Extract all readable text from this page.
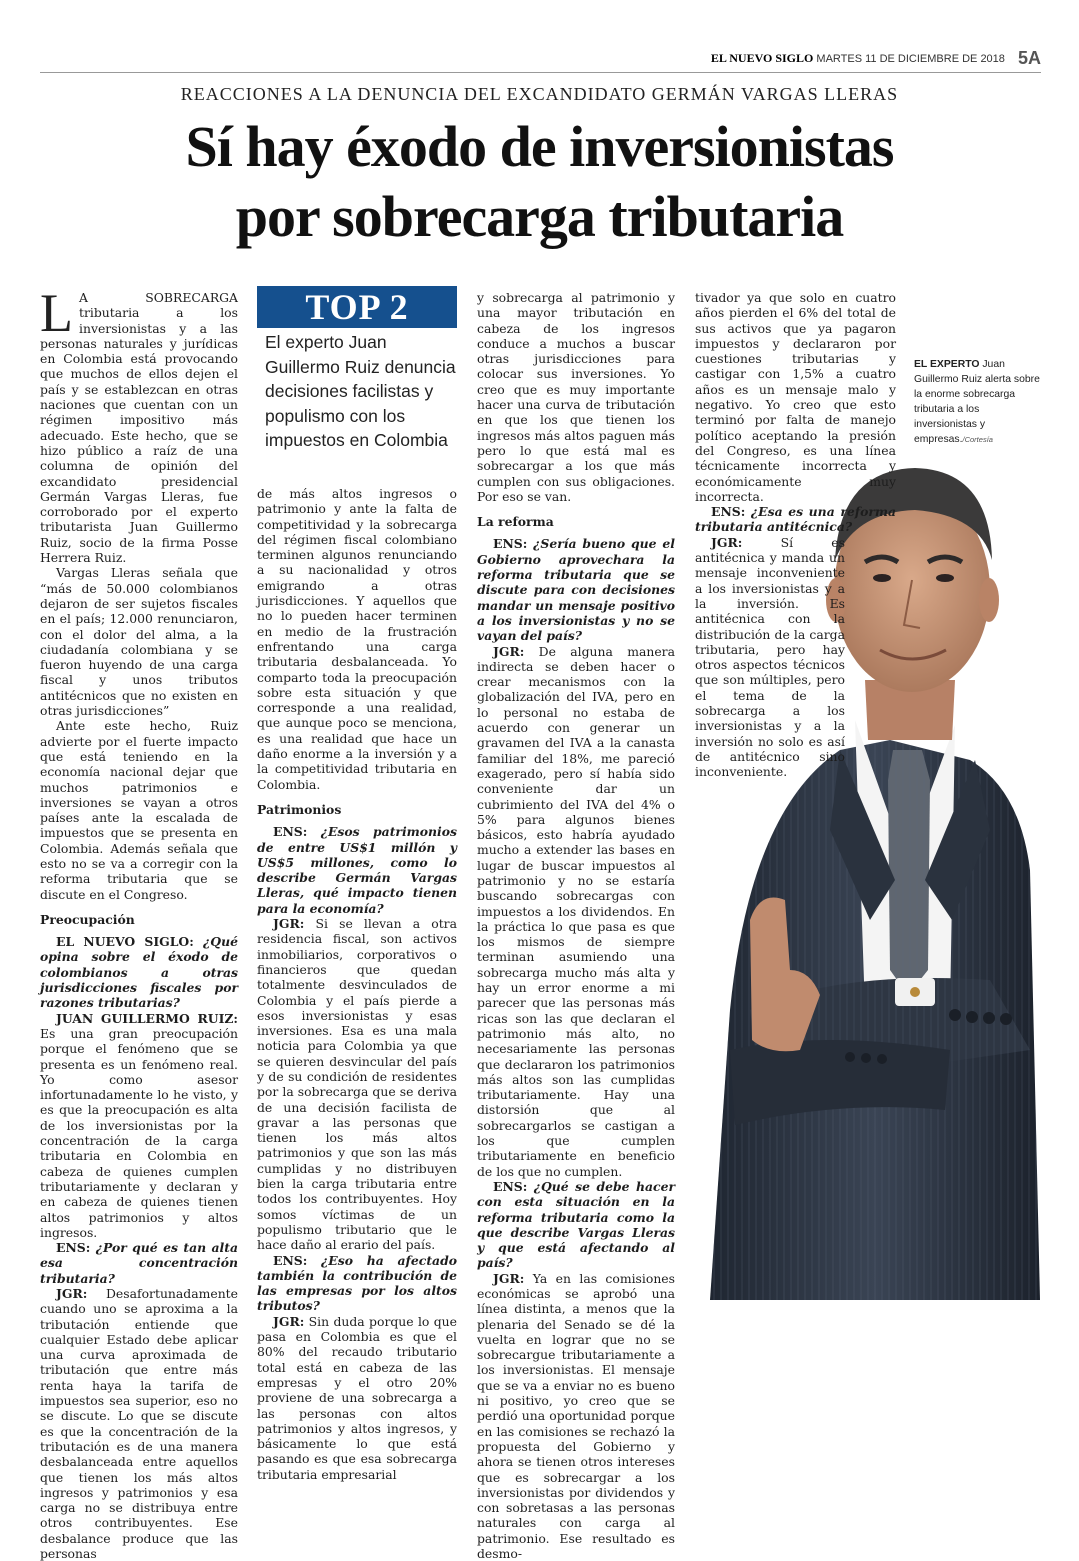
EL NUEVO SIGLO MARTES 11 DE DICIEMBRE DE 2018 5A
REACCIONES A LA DENUNCIA DEL EXCANDIDATO GERMÁN VARGAS LLERAS
Sí hay éxodo de inversionistas
por sobrecarga tributaria

L A SOBRECARGA tributaria a los inversionistas y a las personas naturales y jurídicas en Colombia está provocando que muchos de ellos dejen el país y se establezcan en otras naciones que cuentan con un régimen impositivo más adecuado. Este hecho, que se hizo público a raíz de una columna de opinión del excandidato presidencial Germán Vargas Lleras, fue corroborado por el experto tributarista Juan Guillermo Ruiz, socio de la firma Posse Herrera Ruiz.

Vargas Lleras señala que “más de 50.000 colombianos dejaron de ser sujetos fiscales en el país; 12.000 renunciaron, con el dolor del alma, a la ciudadanía colombiana y se fueron huyendo de una carga fiscal y unos tributos antitécnicos que no existen en otras jurisdicciones”

Ante este hecho, Ruiz advierte por el fuerte impacto que está teniendo en la economía nacional dejar que muchos patrimonios e inversiones se vayan a otros países ante la escalada de impuestos que se presenta en Colombia. Además señala que esto no se va a corregir con la reforma tributaria que se discute en el Congreso.

Preocupación

EL NUEVO SIGLO: ¿Qué opina sobre el éxodo de colombianos a otras jurisdicciones fiscales por razones tributarias?

JUAN GUILLERMO RUIZ: Es una gran preocupación porque el fenómeno que se presenta es un fenómeno real. Yo como asesor infortunadamente lo he visto, y es que la preocupación es alta de los inversionistas por la concentración de la carga tributaria en Colombia en cabeza de quienes cumplen tributariamente y declaran y en cabeza de quienes tienen altos patrimonios y altos ingresos.

ENS: ¿Por qué es tan alta esa concentración tributaria?

JGR: Desafortunadamente cuando uno se aproxima a la tributación entiende que cualquier Estado debe aplicar una curva aproximada de tributación que entre más renta haya la tarifa de impuestos sea superior, eso no se discute. Lo que se discute es que la concentración de la tributación es de una manera desbalanceada entre aquellos que tienen los más altos ingresos y patrimonios y esa carga no se distribuya entre otros contribuyentes. Ese desbalance produce que las personas

TOP 2
El experto Juan Guillermo Ruiz denuncia decisiones facilistas y populismo con los impuestos en Colombia

de más altos ingresos o patrimonio y ante la falta de competitividad y la sobrecarga del régimen fiscal colombiano terminen algunos renunciando a su nacionalidad y otros emigrando a otras jurisdicciones. Y aquellos que no lo pueden hacer terminen en medio de la frustración enfrentando una carga tributaria desbalanceada. Yo comparto toda la preocupación sobre esta situación y que corresponde a una realidad, que aunque poco se menciona, es una realidad que hace un daño enorme a la inversión y a la competitividad tributaria en Colombia.

Patrimonios

ENS: ¿Esos patrimonios de entre US$1 millón y US$5 millones, como lo describe Germán Vargas Lleras, qué impacto tienen para la economía?

JGR: Si se llevan a otra residencia fiscal, son activos inmobiliarios, corporativos o financieros que quedan totalmente desvinculados de Colombia y el país pierde a esos inversionistas y esas inversiones. Esa es una mala noticia para Colombia ya que se quieren desvincular del país y de su condición de residentes por la sobrecarga que se deriva de una decisión facilista de gravar a las personas que tienen los más altos patrimonios y que son las más cumplidas y no distribuyen bien la carga tributaria entre todos los contribuyentes. Hoy somos víctimas de un populismo tributario que le hace daño al erario del país.

ENS: ¿Eso ha afectado también la contribución de las empresas por los altos tributos?

JGR: Sin duda porque lo que pasa en Colombia es que el 80% del recaudo tributario total está en cabeza de las empresas y el otro 20% proviene de una sobrecarga a las personas con altos patrimonios y altos ingresos, y básicamente lo que está pasando es que esa sobrecarga tributaria empresarial

y sobrecarga al patrimonio y una mayor tributación en cabeza de los ingresos conduce a muchos a buscar otras jurisdicciones para colocar sus inversiones. Yo creo que es muy importante hacer una curva de tributación en que los que tienen los ingresos más altos paguen más pero lo que está mal es sobrecargar a los que más cumplen con sus obligaciones. Por eso se van.

La reforma

ENS: ¿Sería bueno que el Gobierno aprovechara la reforma tributaria que se discute para con decisiones mandar un mensaje positivo a los inversionistas y no se vayan del país?

JGR: De alguna manera indirecta se deben hacer o crear mecanismos con la globalización del IVA, pero en lo personal no estaba de acuerdo con generar un gravamen del IVA a la canasta familiar del 18%, me pareció exagerado, pero sí había sido conveniente dar un cubrimiento del IVA del 4% o 5% para algunos bienes básicos, esto habría ayudado mucho a extender las bases en lugar de buscar impuestos al patrimonio y no se estaría buscando sobrecargas con impuestos a los dividendos. En la práctica lo que pasa es que los mismos de siempre terminan asumiendo una sobrecarga mucho más alta y hay un error enorme a mi parecer que las personas más ricas son las que declaran el patrimonio más alto, no necesariamente las personas que declararon los patrimonios más altos son las cumplidas tributariamente. Hay una distorsión que al sobrecargarlos se castigan a los que cumplen tributariamente en beneficio de los que no cumplen.

ENS: ¿Qué se debe hacer con esta situación en la reforma tributaria como la que describe Vargas Lleras y que está afectando al país?

JGR: Ya en las comisiones económicas se aprobó una línea distinta, a menos que la plenaria del Senado se dé la vuelta en lograr que no se sobrecargue tributariamente a los inversionistas. El mensaje que se va a enviar no es bueno ni positivo, yo creo que se perdió una oportunidad porque en las comisiones se rechazó la propuesta del Gobierno y ahora se tienen otros intereses que es sobrecargar a los inversionistas por dividendos y con sobretasas a las personas naturales con carga al patrimonio. Ese resultado es desmo-

tivador ya que solo en cuatro años pierden el 6% del total de sus activos que ya pagaron impuestos y declararon por cuestiones tributarias y castigar con 1,5% a cuatro años es un mensaje malo y negativo. Yo creo que esto terminó por falta de manejo político aceptando la presión del Congreso, es una línea técnicamente incorrecta y económicamente muy incorrecta.

ENS: ¿Esa es una reforma tributaria antitécnica?

JGR: Sí es antitécnica y manda un mensaje inconveniente a los inversionistas y a la inversión. Es antitécnica con la distribución de la carga tributaria, pero hay otros aspectos técnicos que son múltiples, pero el tema de la sobrecarga a los inversionistas y a la inversión no solo es así de antitécnico sino inconveniente.

EL EXPERTO Juan Guillermo Ruiz alerta sobre la enorme sobrecarga tributaria a los inversionistas y empresas./Cortesía
